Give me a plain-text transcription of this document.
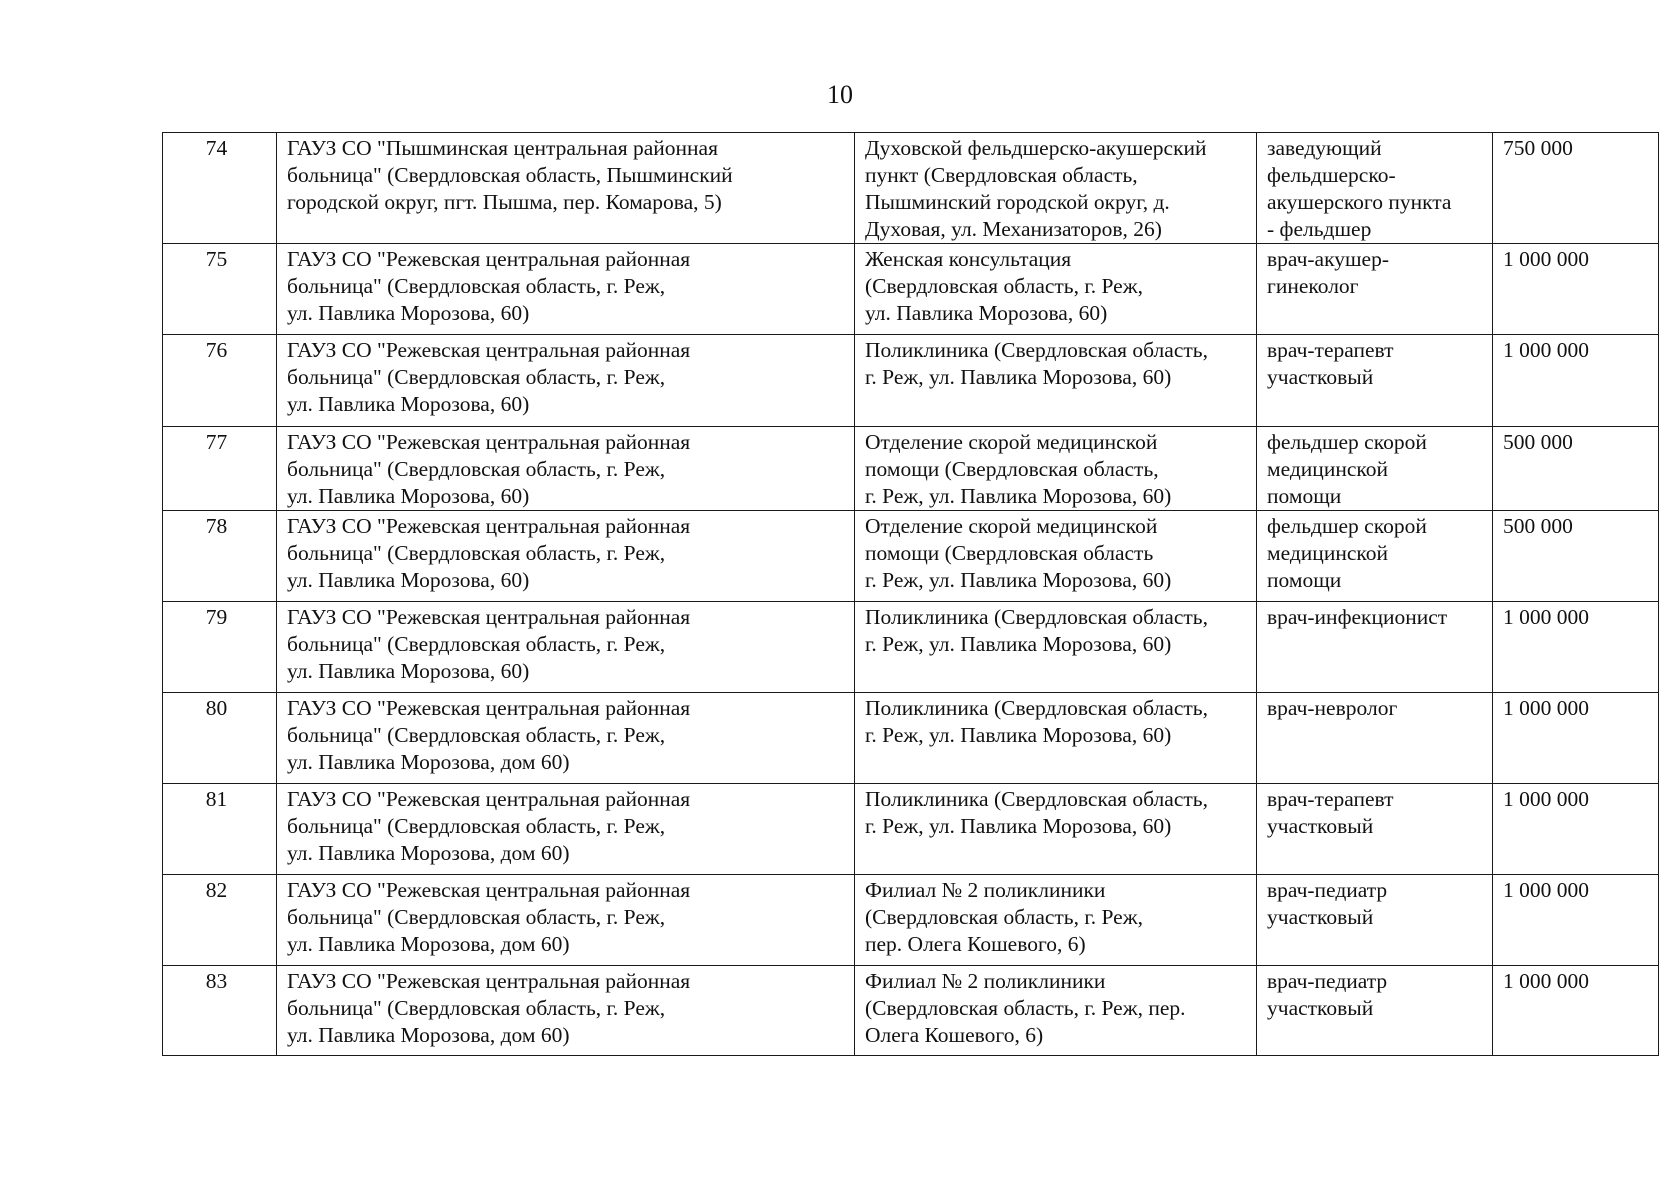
10
74	ГАУЗ СО "Пышминская центральная районная
больница" (Свердловская область, Пышминский
городской округ, пгт. Пышма, пер. Комарова, 5)	Духовской фельдшерско-акушерский
пункт (Свердловская область,
Пышминский городской округ, д.
Духовая, ул. Механизаторов, 26)	заведующий
фельдшерско-
акушерского пункта
- фельдшер	750 000
75	ГАУЗ СО "Режевская центральная районная
больница" (Свердловская область, г. Реж,
ул. Павлика Морозова, 60)	Женская консультация
(Свердловская область, г. Реж,
ул. Павлика Морозова, 60)	врач-акушер-
гинеколог	1 000 000
76	ГАУЗ СО "Режевская центральная районная
больница" (Свердловская область, г. Реж,
ул. Павлика Морозова, 60)	Поликлиника (Свердловская область,
г. Реж, ул. Павлика Морозова, 60)	врач-терапевт
участковый	1 000 000
77	ГАУЗ СО "Режевская центральная районная
больница" (Свердловская область, г. Реж,
ул. Павлика Морозова, 60)	Отделение скорой медицинской
помощи (Свердловская область,
г. Реж, ул. Павлика Морозова, 60)	фельдшер скорой
медицинской
помощи	500 000
78	ГАУЗ СО "Режевская центральная районная
больница" (Свердловская область, г. Реж,
ул. Павлика Морозова, 60)	Отделение скорой медицинской
помощи (Свердловская область
г. Реж, ул. Павлика Морозова, 60)	фельдшер скорой
медицинской
помощи	500 000
79	ГАУЗ СО "Режевская центральная районная
больница" (Свердловская область, г. Реж,
ул. Павлика Морозова, 60)	Поликлиника (Свердловская область,
г. Реж, ул. Павлика Морозова, 60)	врач-инфекционист	1 000 000
80	ГАУЗ СО "Режевская центральная районная
больница" (Свердловская область, г. Реж,
ул. Павлика Морозова, дом 60)	Поликлиника (Свердловская область,
г. Реж, ул. Павлика Морозова, 60)	врач-невролог	1 000 000
81	ГАУЗ СО "Режевская центральная районная
больница" (Свердловская область, г. Реж,
ул. Павлика Морозова, дом 60)	Поликлиника (Свердловская область,
г. Реж, ул. Павлика Морозова, 60)	врач-терапевт
участковый	1 000 000
82	ГАУЗ СО "Режевская центральная районная
больница" (Свердловская область, г. Реж,
ул. Павлика Морозова, дом 60)	Филиал № 2 поликлиники
(Свердловская область, г. Реж,
пер. Олега Кошевого, 6)	врач-педиатр
участковый	1 000 000
83	ГАУЗ СО "Режевская центральная районная
больница" (Свердловская область, г. Реж,
ул. Павлика Морозова, дом 60)	Филиал № 2 поликлиники
(Свердловская область, г. Реж, пер.
Олега Кошевого, 6)	врач-педиатр
участковый	1 000 000
